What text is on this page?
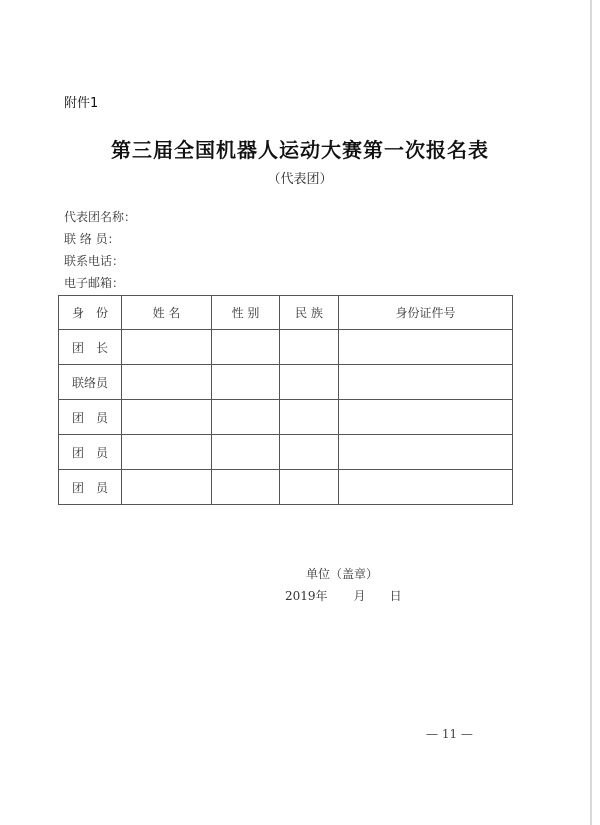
附件1
第三届全国机器人运动大赛第一次报名表
（代表团）
代表团名称：
联 络 员：
联系电话：
电子邮箱：
身　份	姓 名	性 别	民 族	身份证件号
团　长				
联络员				
团　员				
团　员				
团　员				
单位（盖章）
2019年 月 日
— 11 —
